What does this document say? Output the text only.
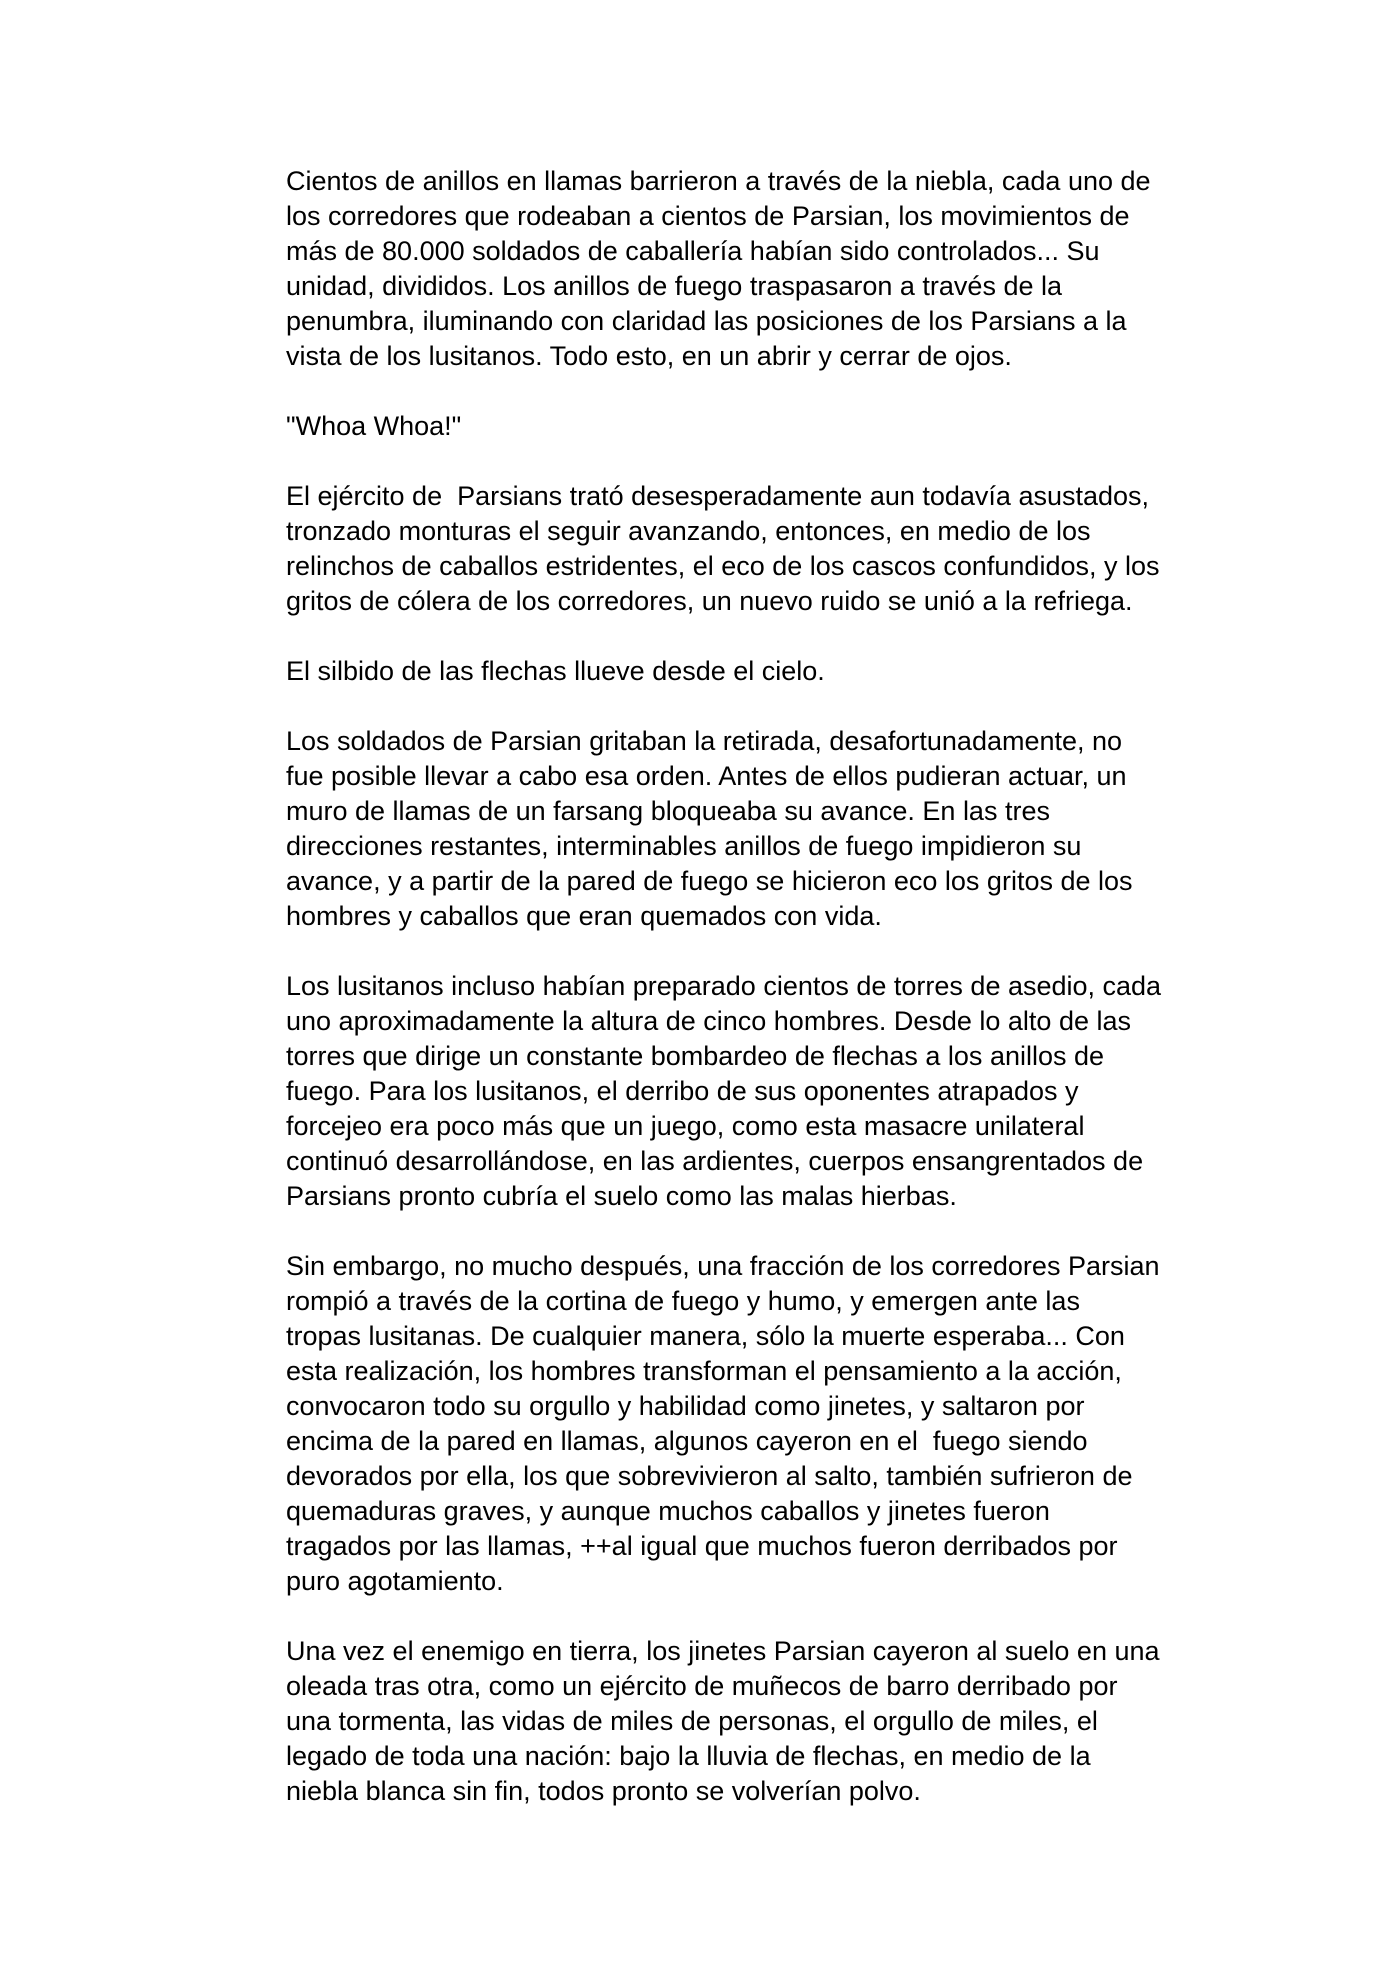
Cientos de anillos en llamas barrieron a través de la niebla, cada uno de
los corredores que rodeaban a cientos de Parsian, los movimientos de
más de 80.000 soldados de caballería habían sido controlados... Su
unidad, divididos. Los anillos de fuego traspasaron a través de la
penumbra, iluminando con claridad las posiciones de los Parsians a la
vista de los lusitanos. Todo esto, en un abrir y cerrar de ojos.
"Whoa Whoa!"
El ejército de  Parsians trató desesperadamente aun todavía asustados,
tronzado monturas el seguir avanzando, entonces, en medio de los
relinchos de caballos estridentes, el eco de los cascos confundidos, y los
gritos de cólera de los corredores, un nuevo ruido se unió a la refriega.
El silbido de las flechas llueve desde el cielo.
Los soldados de Parsian gritaban la retirada, desafortunadamente, no
fue posible llevar a cabo esa orden. Antes de ellos pudieran actuar, un
muro de llamas de un farsang bloqueaba su avance. En las tres
direcciones restantes, interminables anillos de fuego impidieron su
avance, y a partir de la pared de fuego se hicieron eco los gritos de los
hombres y caballos que eran quemados con vida.
Los lusitanos incluso habían preparado cientos de torres de asedio, cada
uno aproximadamente la altura de cinco hombres. Desde lo alto de las
torres que dirige un constante bombardeo de flechas a los anillos de
fuego. Para los lusitanos, el derribo de sus oponentes atrapados y
forcejeo era poco más que un juego, como esta masacre unilateral
continuó desarrollándose, en las ardientes, cuerpos ensangrentados de
Parsians pronto cubría el suelo como las malas hierbas.
Sin embargo, no mucho después, una fracción de los corredores Parsian
rompió a través de la cortina de fuego y humo, y emergen ante las
tropas lusitanas. De cualquier manera, sólo la muerte esperaba... Con
esta realización, los hombres transforman el pensamiento a la acción,
convocaron todo su orgullo y habilidad como jinetes, y saltaron por
encima de la pared en llamas, algunos cayeron en el  fuego siendo
devorados por ella, los que sobrevivieron al salto, también sufrieron de
quemaduras graves, y aunque muchos caballos y jinetes fueron
tragados por las llamas, ++al igual que muchos fueron derribados por
puro agotamiento.
Una vez el enemigo en tierra, los jinetes Parsian cayeron al suelo en una
oleada tras otra, como un ejército de muñecos de barro derribado por
una tormenta, las vidas de miles de personas, el orgullo de miles, el
legado de toda una nación: bajo la lluvia de flechas, en medio de la
niebla blanca sin fin, todos pronto se volverían polvo.
